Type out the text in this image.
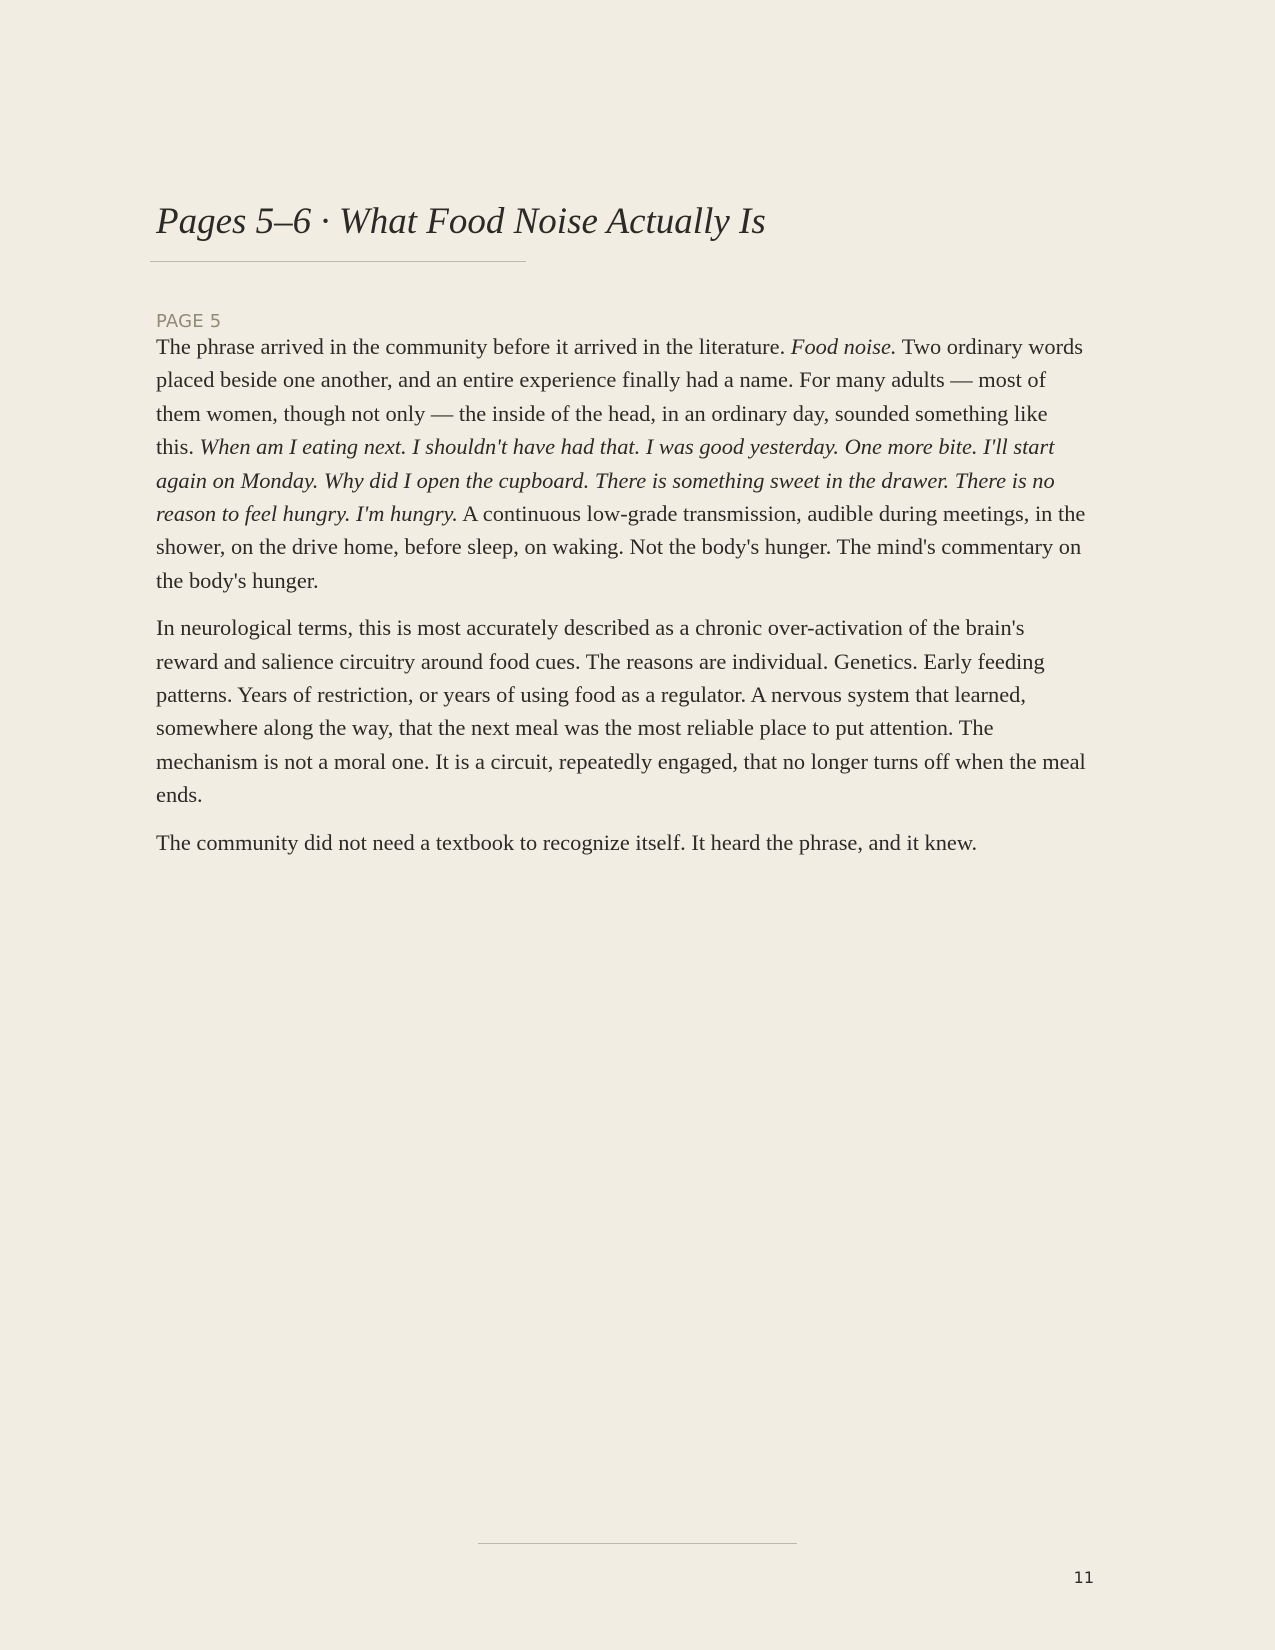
Pages 5–6 · What Food Noise Actually Is
PAGE 5

The phrase arrived in the community before it arrived in the literature. Food noise. Two ordinary words placed beside one another, and an entire experience finally had a name. For many adults — most of them women, though not only — the inside of the head, in an ordinary day, sounded something like this. When am I eating next. I shouldn't have had that. I was good yesterday. One more bite. I'll start again on Monday. Why did I open the cupboard. There is something sweet in the drawer. There is no reason to feel hungry. I'm hungry. A continuous low-grade transmission, audible during meetings, in the shower, on the drive home, before sleep, on waking. Not the body's hunger. The mind's commentary on the body's hunger.

In neurological terms, this is most accurately described as a chronic over-activation of the brain's reward and salience circuitry around food cues. The reasons are individual. Genetics. Early feeding patterns. Years of restriction, or years of using food as a regulator. A nervous system that learned, somewhere along the way, that the next meal was the most reliable place to put attention. The mechanism is not a moral one. It is a circuit, repeatedly engaged, that no longer turns off when the meal ends.

The community did not need a textbook to recognize itself. It heard the phrase, and it knew.

11
